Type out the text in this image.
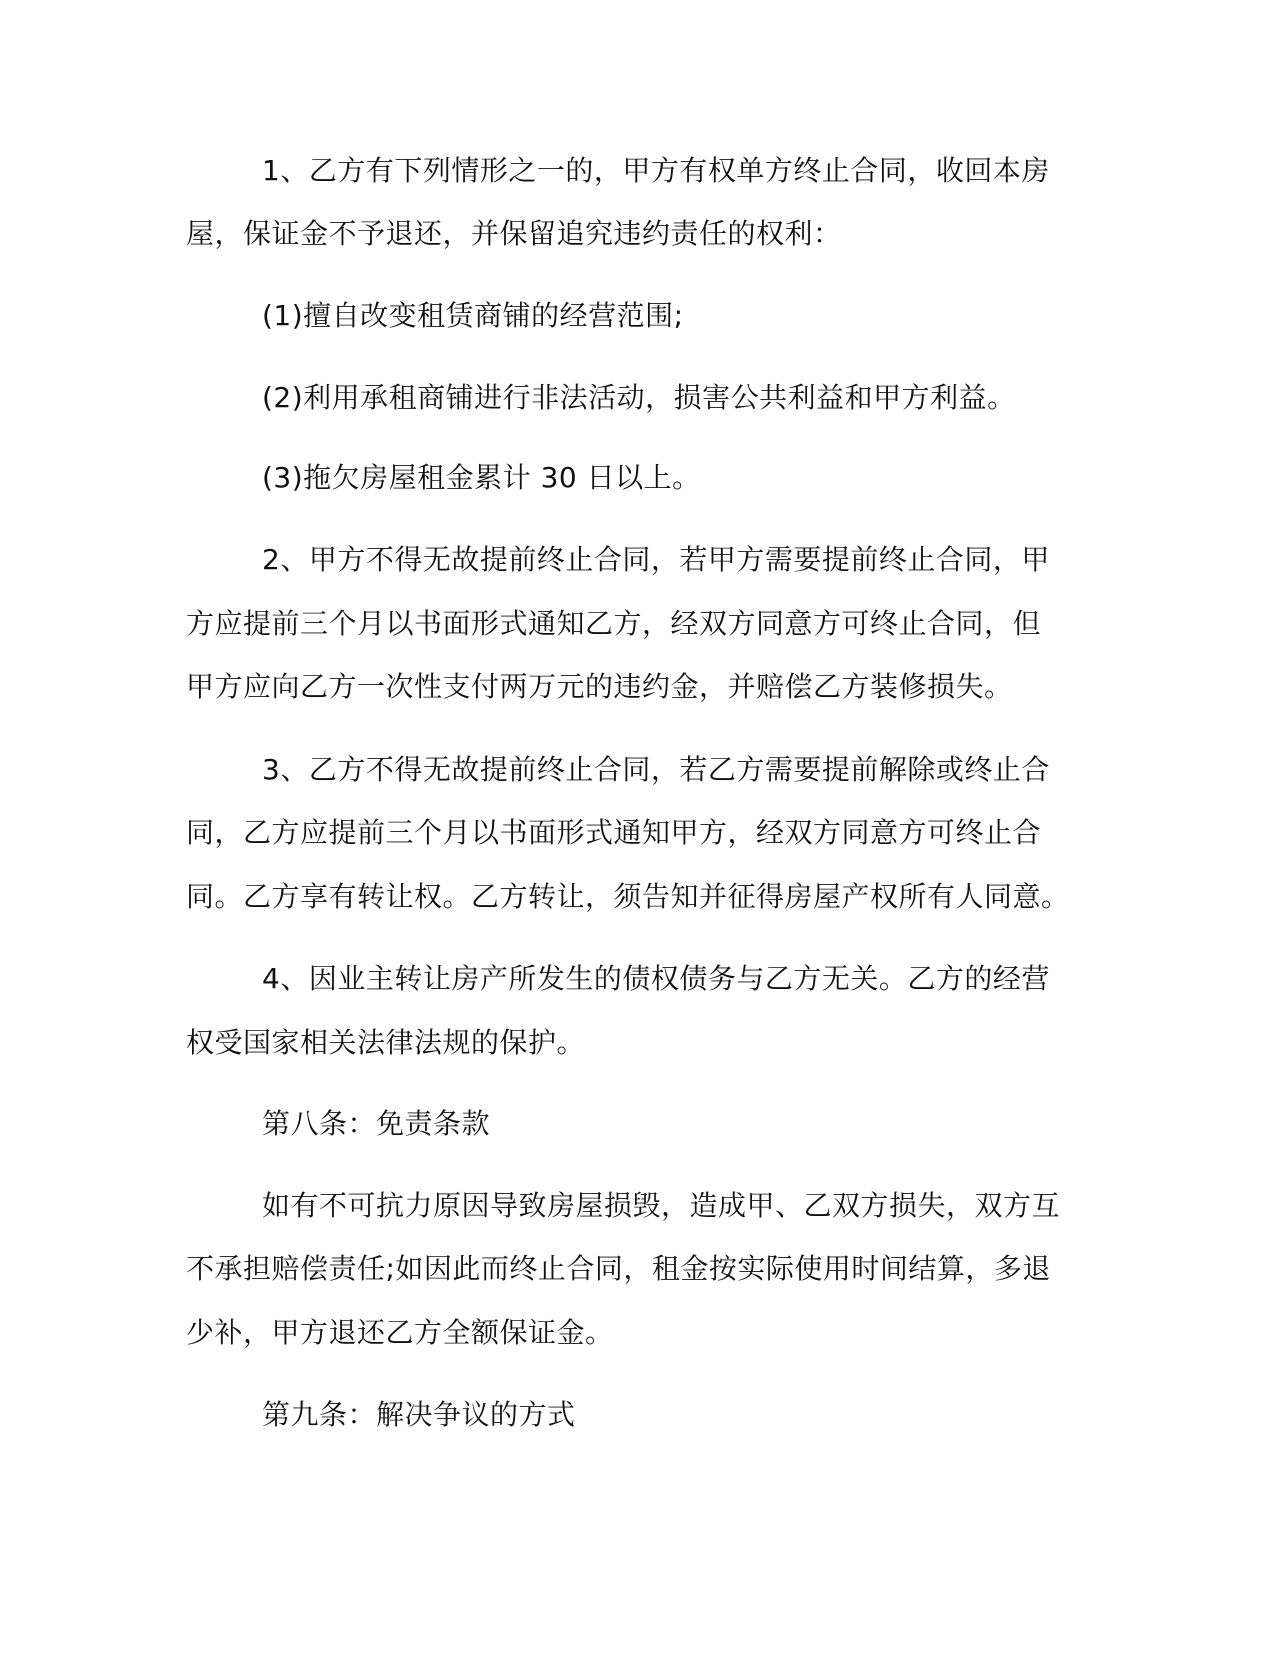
1、乙方有下列情形之一的，甲方有权单方终止合同，收回本房
屋，保证金不予退还，并保留追究违约责任的权利：
(1)擅自改变租赁商铺的经营范围;
(2)利用承租商铺进行非法活动，损害公共利益和甲方利益。
(3)拖欠房屋租金累计 30 日以上。
2、甲方不得无故提前终止合同，若甲方需要提前终止合同，甲
方应提前三个月以书面形式通知乙方，经双方同意方可终止合同，但
甲方应向乙方一次性支付两万元的违约金，并赔偿乙方装修损失。
3、乙方不得无故提前终止合同，若乙方需要提前解除或终止合
同，乙方应提前三个月以书面形式通知甲方，经双方同意方可终止合
同。乙方享有转让权。乙方转让，须告知并征得房屋产权所有人同意。
4、因业主转让房产所发生的债权债务与乙方无关。乙方的经营
权受国家相关法律法规的保护。
第八条：免责条款
如有不可抗力原因导致房屋损毁，造成甲、乙双方损失，双方互
不承担赔偿责任;如因此而终止合同，租金按实际使用时间结算，多退
少补，甲方退还乙方全额保证金。
第九条：解决争议的方式
